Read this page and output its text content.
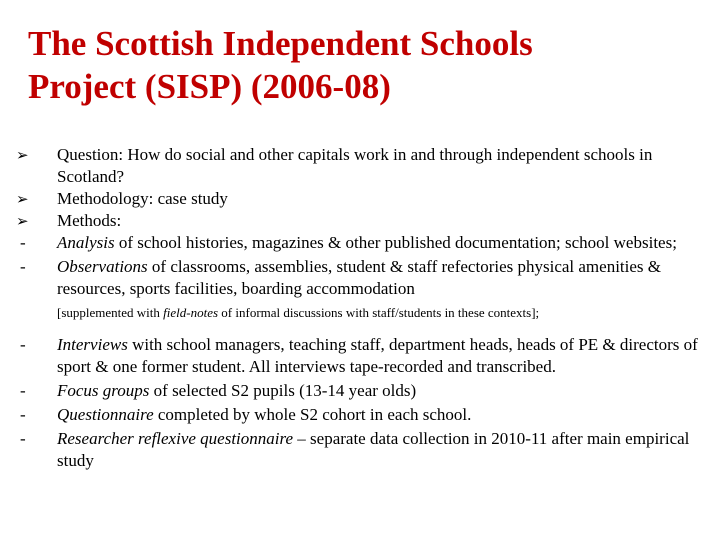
The Scottish Independent Schools
Project (SISP) (2006-08)
➢	Question: How do social and other capitals work in and through independent schools in Scotland?
➢	Methodology: case study
➢	Methods:
-	Analysis of school histories, magazines & other published documentation; school websites;
-	Observations of classrooms, assemblies, student & staff refectories physical amenities & resources, sports facilities, boarding accommodation
[supplemented with field-notes of informal discussions with staff/students in these contexts];
-	Interviews with school managers, teaching staff, department heads, heads of PE & directors of sport & one former student. All interviews tape-recorded and transcribed.
-	Focus groups of selected S2 pupils (13-14 year olds)
-	Questionnaire completed by whole S2 cohort in each school.
-	Researcher reflexive questionnaire – separate data collection in 2010-11 after main empirical study
